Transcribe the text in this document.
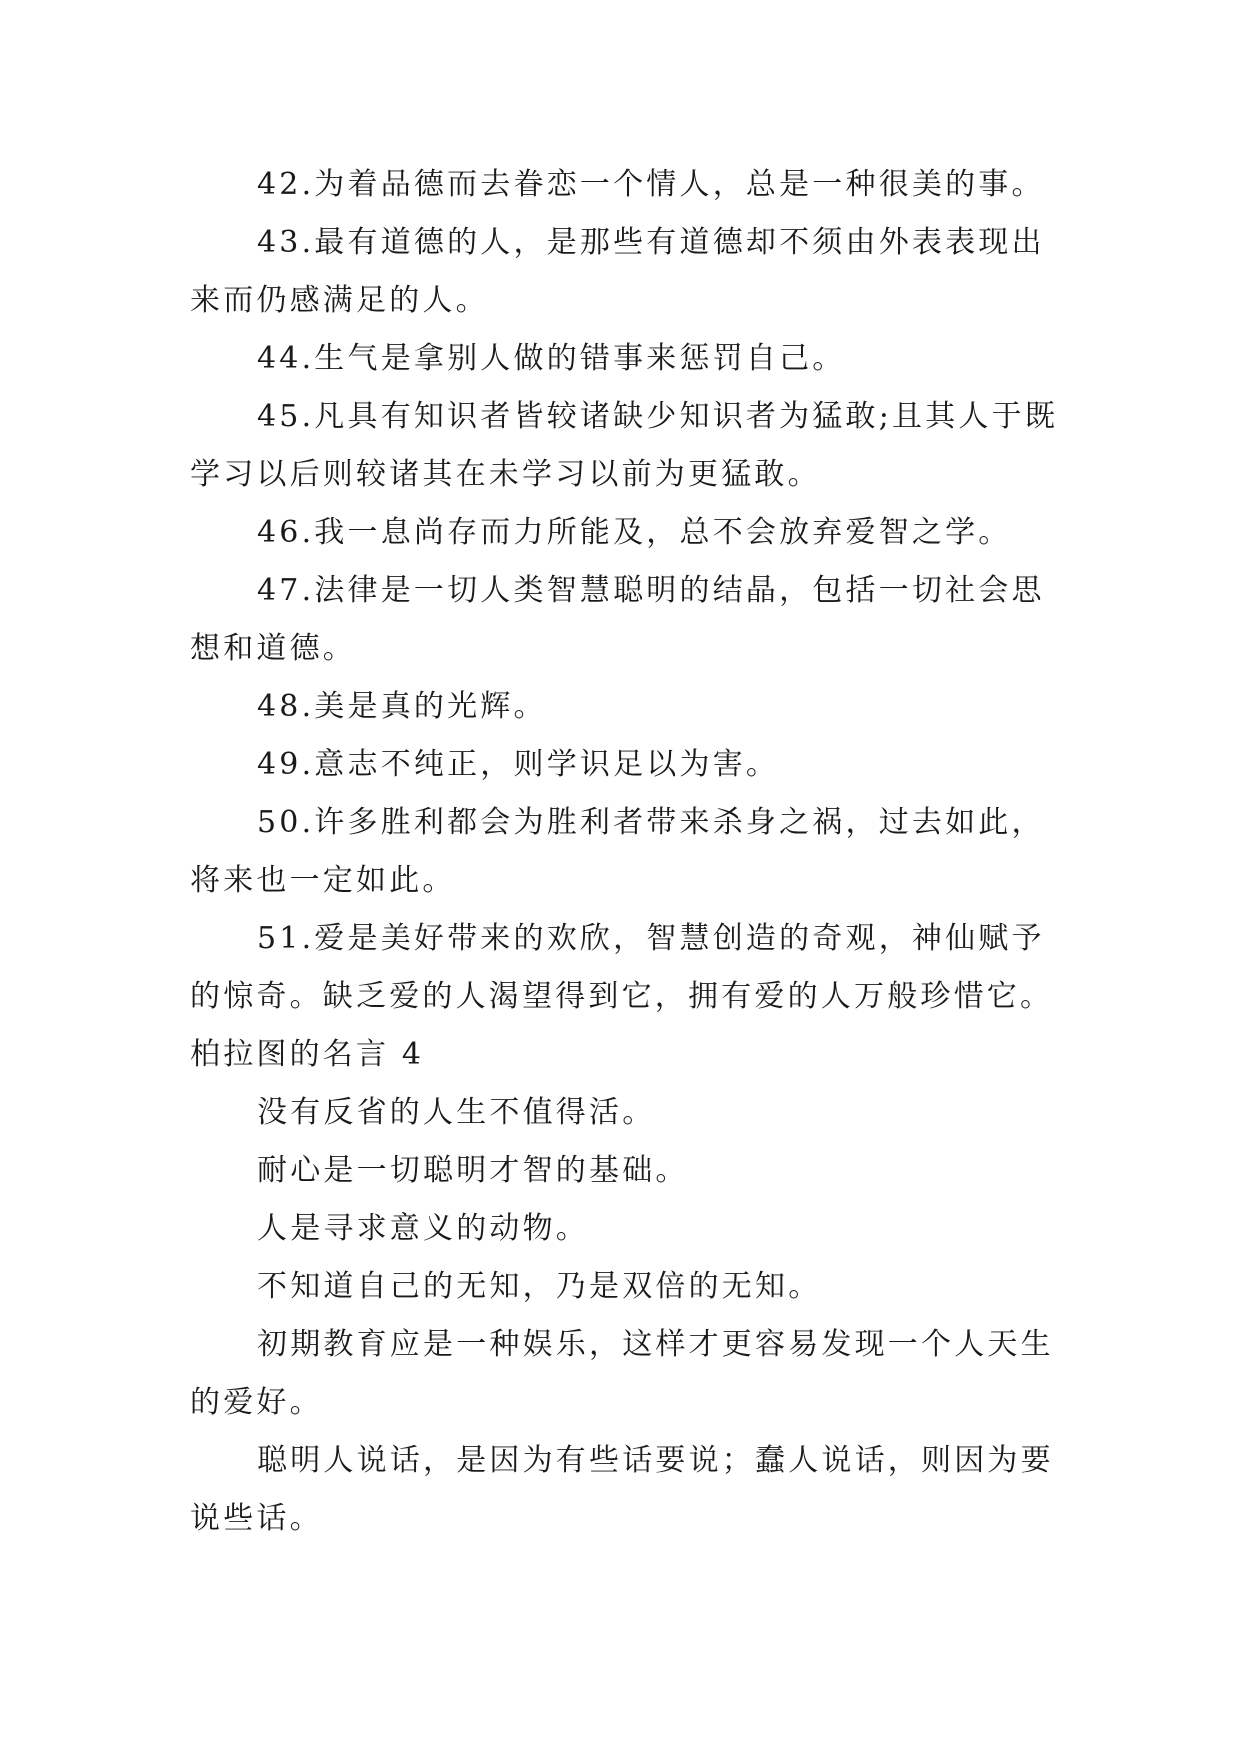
42.为着品德而去眷恋一个情人，总是一种很美的事。

43.最有道德的人，是那些有道德却不须由外表表现出来而仍感满足的人。

44.生气是拿别人做的错事来惩罚自己。

45.凡具有知识者皆较诸缺少知识者为猛敢;且其人于既学习以后则较诸其在未学习以前为更猛敢。

46.我一息尚存而力所能及，总不会放弃爱智之学。

47.法律是一切人类智慧聪明的结晶，包括一切社会思想和道德。

48.美是真的光辉。

49.意志不纯正，则学识足以为害。

50.许多胜利都会为胜利者带来杀身之祸，过去如此，将来也一定如此。

51.爱是美好带来的欢欣，智慧创造的奇观，神仙赋予的惊奇。缺乏爱的人渴望得到它，拥有爱的人万般珍惜它。

柏拉图的名言 4

没有反省的人生不值得活。

耐心是一切聪明才智的基础。

人是寻求意义的动物。

不知道自己的无知，乃是双倍的无知。

初期教育应是一种娱乐，这样才更容易发现一个人天生的爱好。

聪明人说话，是因为有些话要说；蠢人说话，则因为要说些话。
